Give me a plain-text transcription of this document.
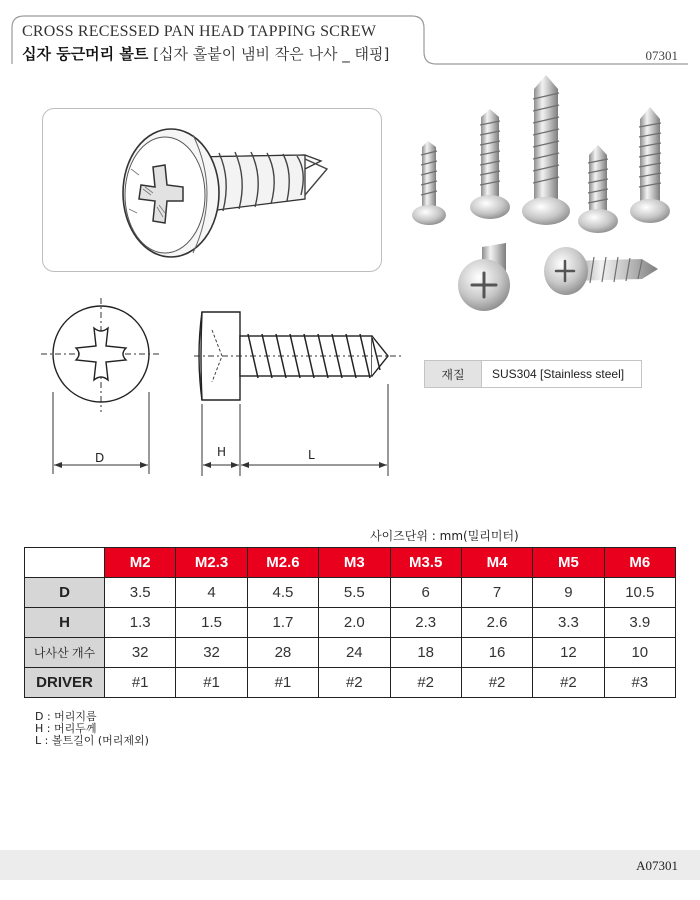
CROSS RECESSED PAN HEAD TAPPING SCREW
십자 둥근머리 볼트 [십자 홀붙이 냄비 작은 나사 _ 태핑]	07301
D	H	L
재질	SUS304 [Stainless steel]
사이즈단위 : mm(밀리미터)
	M2	M2.3	M2.6	M3	M3.5	M4	M5	M6
D	3.5	4	4.5	5.5	6	7	9	10.5
H	1.3	1.5	1.7	2.0	2.3	2.6	3.3	3.9
나사산 개수	32	32	28	24	18	16	12	10
DRIVER	#1	#1	#1	#2	#2	#2	#2	#3
D : 머리지름
H : 머리두께
L : 볼트길이 (머리제외)
A07301
